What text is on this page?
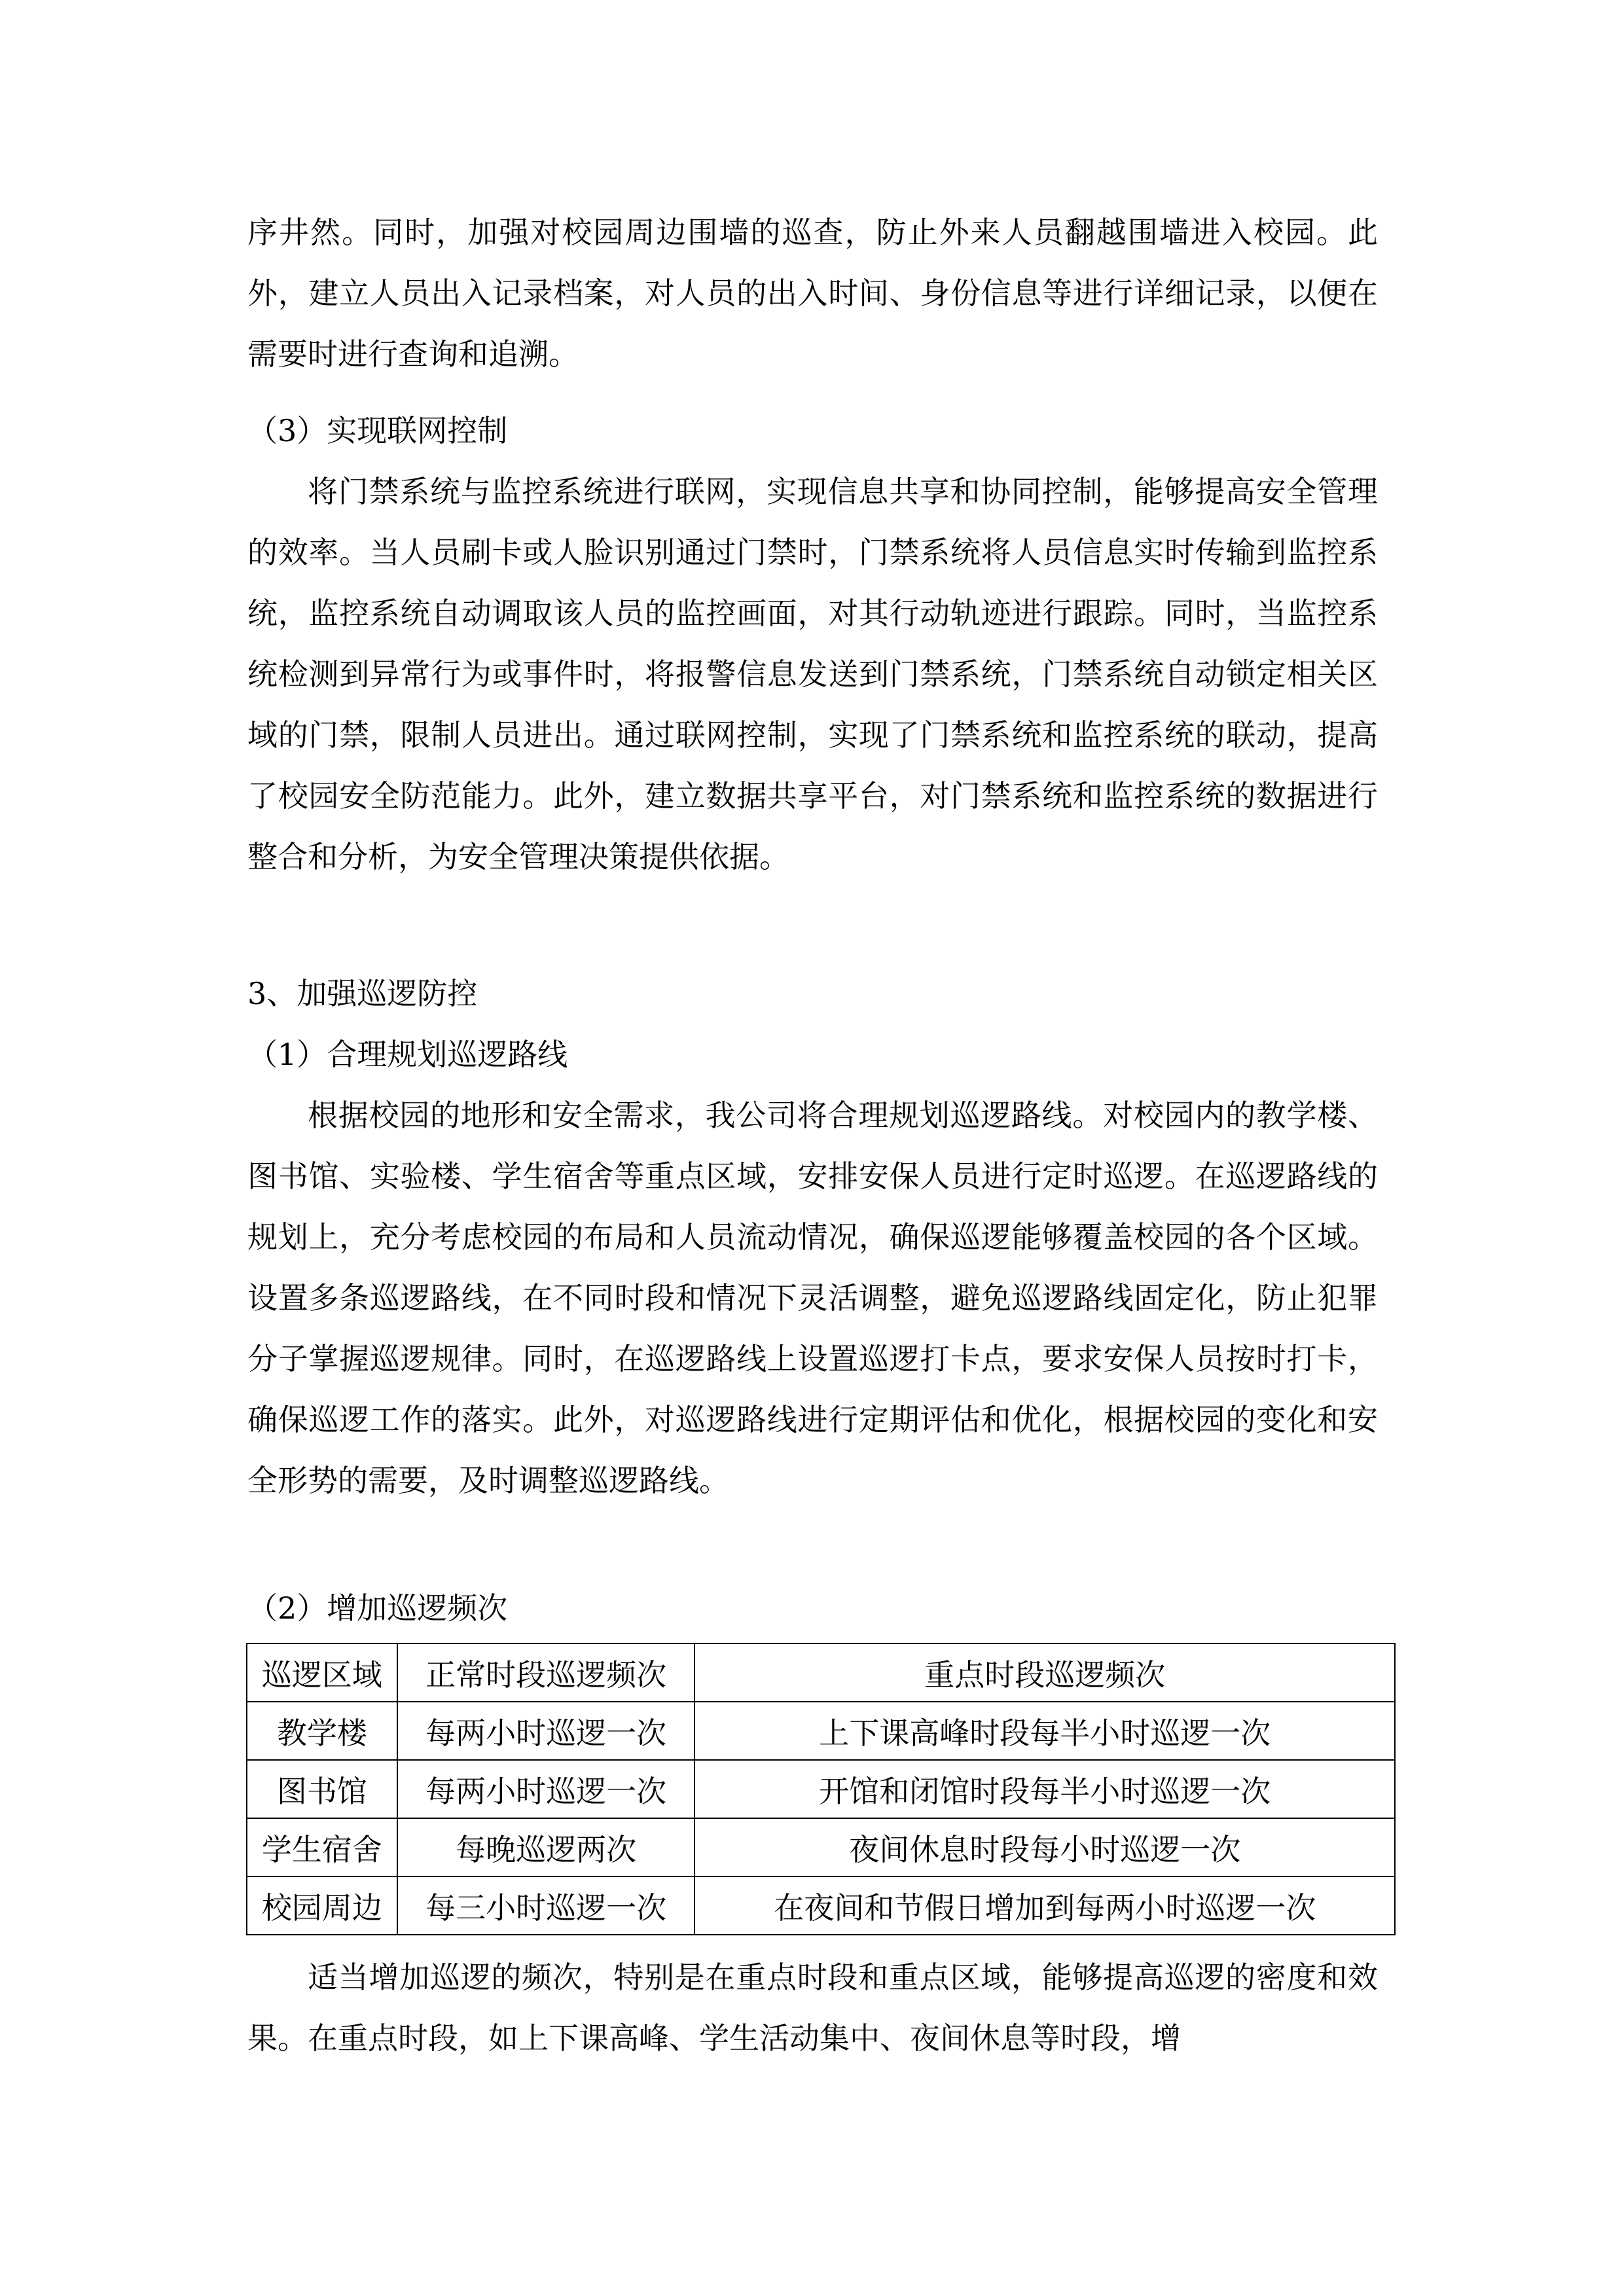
序井然。同时，加强对校园周边围墙的巡查，防止外来人员翻越围墙进入校园。此外，建立人员出入记录档案，对人员的出入时间、身份信息等进行详细记录，以便在需要时进行查询和追溯。

（3）实现联网控制

将门禁系统与监控系统进行联网，实现信息共享和协同控制，能够提高安全管理的效率。当人员刷卡或人脸识别通过门禁时，门禁系统将人员信息实时传输到监控系统，监控系统自动调取该人员的监控画面，对其行动轨迹进行跟踪。同时，当监控系统检测到异常行为或事件时，将报警信息发送到门禁系统，门禁系统自动锁定相关区域的门禁，限制人员进出。通过联网控制，实现了门禁系统和监控系统的联动，提高了校园安全防范能力。此外，建立数据共享平台，对门禁系统和监控系统的数据进行整合和分析，为安全管理决策提供依据。

3、加强巡逻防控

（1）合理规划巡逻路线

根据校园的地形和安全需求，我公司将合理规划巡逻路线。对校园内的教学楼、图书馆、实验楼、学生宿舍等重点区域，安排安保人员进行定时巡逻。在巡逻路线的规划上，充分考虑校园的布局和人员流动情况，确保巡逻能够覆盖校园的各个区域。设置多条巡逻路线，在不同时段和情况下灵活调整，避免巡逻路线固定化，防止犯罪分子掌握巡逻规律。同时，在巡逻路线上设置巡逻打卡点，要求安保人员按时打卡，确保巡逻工作的落实。此外，对巡逻路线进行定期评估和优化，根据校园的变化和安全形势的需要，及时调整巡逻路线。

（2）增加巡逻频次

巡逻区域	正常时段巡逻频次	重点时段巡逻频次
教学楼	每两小时巡逻一次	上下课高峰时段每半小时巡逻一次
图书馆	每两小时巡逻一次	开馆和闭馆时段每半小时巡逻一次
学生宿舍	每晚巡逻两次	夜间休息时段每小时巡逻一次
校园周边	每三小时巡逻一次	在夜间和节假日增加到每两小时巡逻一次

适当增加巡逻的频次，特别是在重点时段和重点区域，能够提高巡逻的密度和效果。在重点时段，如上下课高峰、学生活动集中、夜间休息等时段，增
